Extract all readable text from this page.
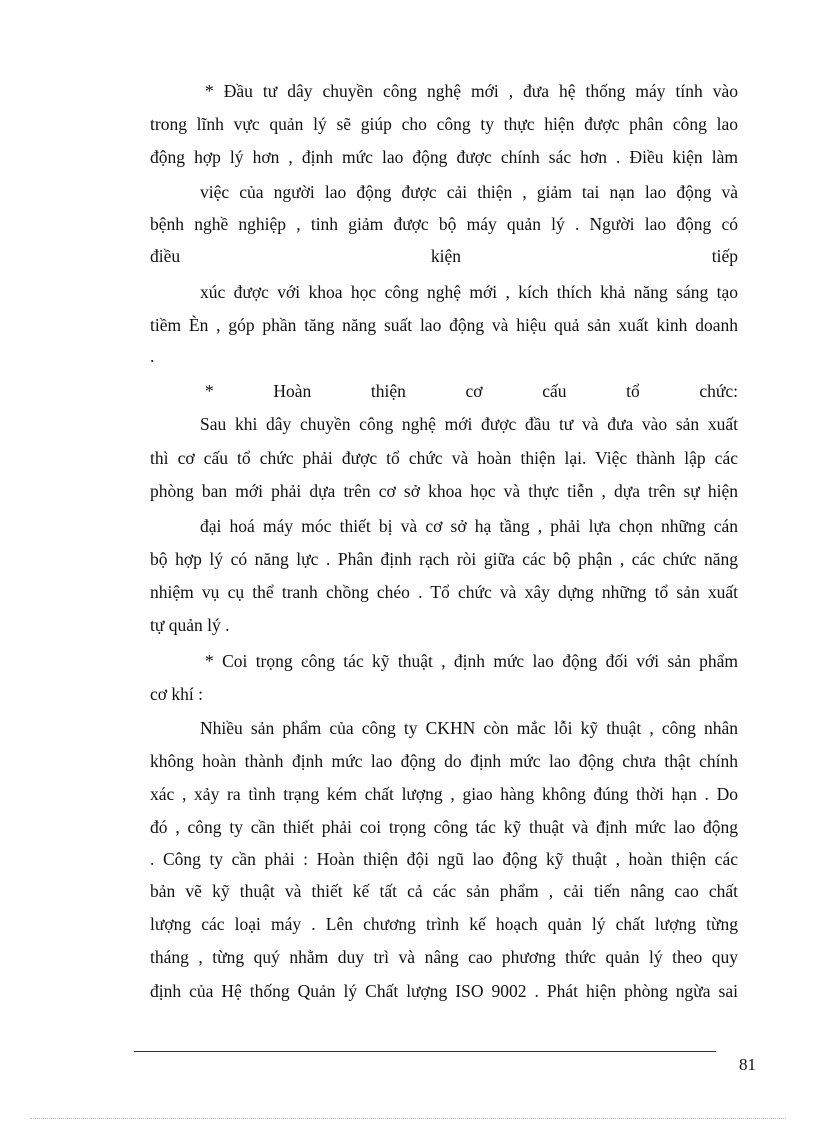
* Đầu tư dây chuyền công nghệ mới , đưa hệ thống máy tính vào
trong lĩnh vực quản lý sẽ giúp cho công ty thực hiện được phân công lao
động hợp lý hơn , định mức lao động được chính sác hơn . Điều kiện làm
việc của người lao động được cải thiện , giảm tai nạn lao động và
bệnh nghề nghiệp , tinh giảm được bộ máy quản lý . Người lao động có
điều	kiện	tiếp
xúc được với khoa học công nghệ mới , kích thích khả năng sáng tạo
tiềm Èn , góp phần tăng năng suất lao động và hiệu quả sản xuất kinh doanh
.
*	Hoàn	thiện	cơ	cấu	tổ	chức:
Sau khi dây chuyền công nghệ mới được đầu tư và đưa vào sản xuất
thì cơ cấu tổ chức phải được tổ chức và hoàn thiện lại. Việc thành lập các
phòng ban mới phải dựa trên cơ sở khoa học và thực tiễn , dựa trên sự hiện
đại hoá máy móc thiết bị và cơ sở hạ tầng , phải lựa chọn những cán
bộ hợp lý có năng lực . Phân định rạch ròi giữa các bộ phận , các chức năng
nhiệm vụ cụ thể tranh chồng chéo . Tổ chức và xây dựng những tổ sản xuất
tự quản lý .
* Coi trọng công tác kỹ thuật , định mức lao động đối với sản phẩm
cơ khí :
Nhiều sản phẩm của công ty CKHN còn mắc lỗi kỹ thuật , công nhân
không hoàn thành định mức lao động do định mức lao động chưa thật chính
xác , xảy ra tình trạng kém chất lượng , giao hàng không đúng thời hạn . Do
đó , công ty cần thiết phải coi trọng công tác kỹ thuật và định mức lao động
. Công ty cần phải : Hoàn thiện đội ngũ lao động kỹ thuật , hoàn thiện các
bản vẽ kỹ thuật và thiết kế tất cả các sản phẩm , cải tiến nâng cao chất
lượng các loại máy . Lên chương trình kế hoạch quản lý chất lượng từng
tháng , từng quý nhằm duy trì và nâng cao phương thức quản lý theo quy
định của Hệ thống Quản lý Chất lượng ISO 9002 . Phát hiện phòng ngừa sai
81
